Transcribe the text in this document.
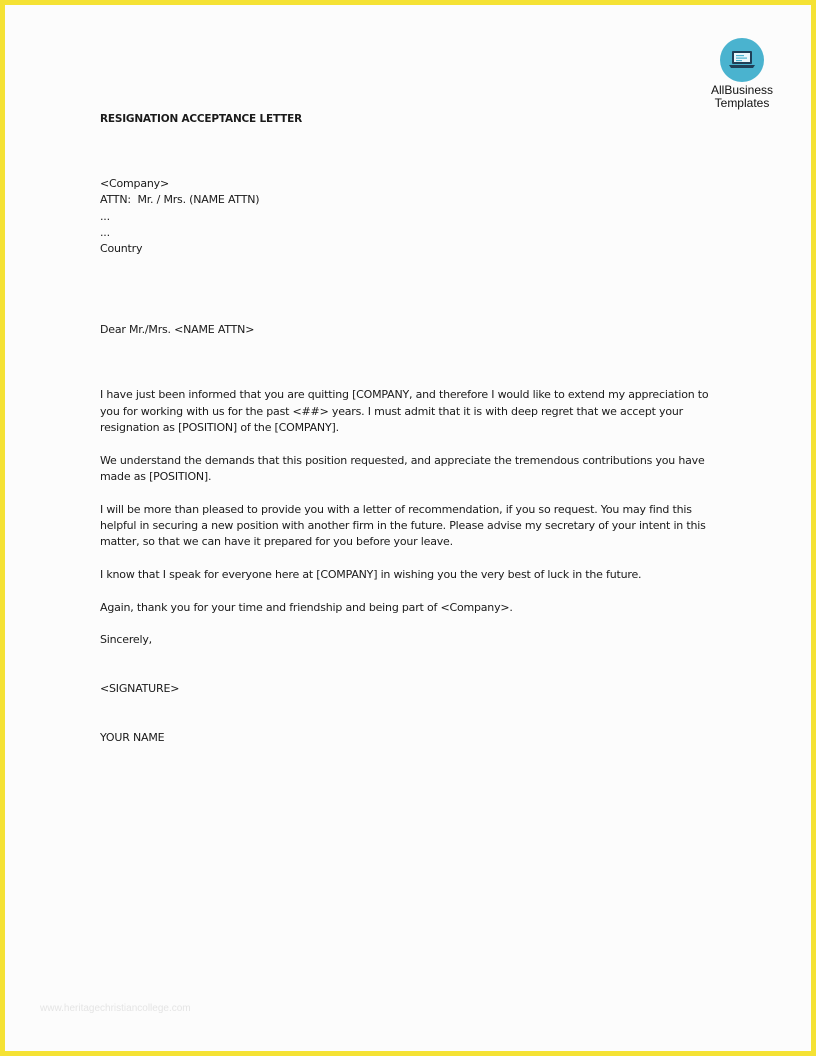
AllBusiness
Templates
RESIGNATION ACCEPTANCE LETTER
<Company>
ATTN:  Mr. / Mrs. (NAME ATTN)
...
...
Country
Dear Mr./Mrs. <NAME ATTN>

I have just been informed that you are quitting [COMPANY, and therefore I would like to extend my appreciation to you for working with us for the past <##> years. I must admit that it is with deep regret that we accept your resignation as [POSITION] of the [COMPANY].

We understand the demands that this position requested, and appreciate the tremendous contributions you have made as [POSITION].

I will be more than pleased to provide you with a letter of recommendation, if you so request. You may find this helpful in securing a new position with another firm in the future. Please advise my secretary of your intent in this matter, so that we can have it prepared for you before your leave.

I know that I speak for everyone here at [COMPANY] in wishing you the very best of luck in the future.

Again, thank you for your time and friendship and being part of <Company>.

Sincerely,
<SIGNATURE>
YOUR NAME
www.heritagechristiancollege.com
